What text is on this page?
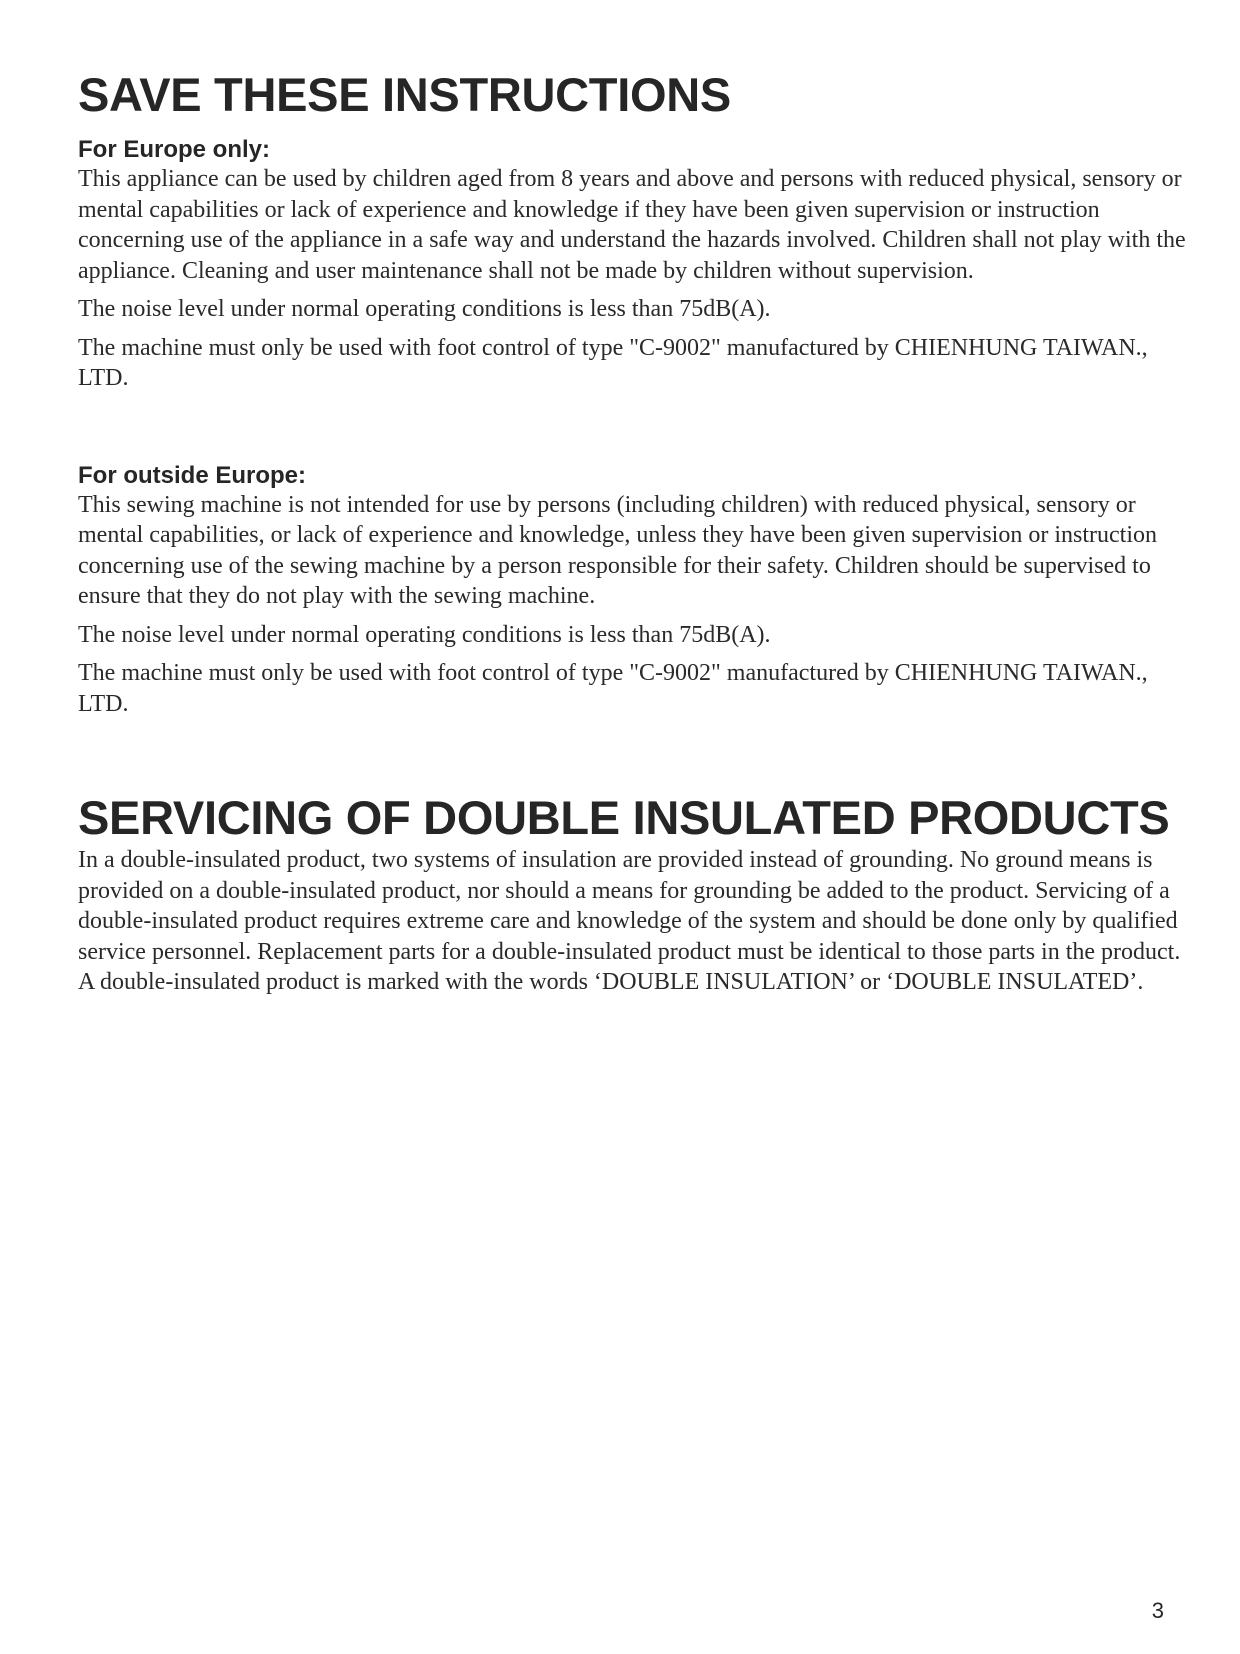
SAVE THESE INSTRUCTIONS
For Europe only:

This appliance can be used by children aged from 8 years and above and persons with reduced physical, sensory or mental capabilities or lack of experience and knowledge if they have been given supervision or instruction concerning use of the appliance in a safe way and understand the hazards involved. Children shall not play with the appliance. Cleaning and user maintenance shall not be made by children without supervision.

The noise level under normal operating conditions is less than 75dB(A).

The machine must only be used with foot control of type "C-9002" manufactured by CHIENHUNG TAIWAN., LTD.

For outside Europe:

This sewing machine is not intended for use by persons (including children) with reduced physical, sensory or mental capabilities, or lack of experience and knowledge, unless they have been given supervision or instruction concerning use of the sewing machine by a person responsible for their safety. Children should be supervised to ensure that they do not play with the sewing machine.

The noise level under normal operating conditions is less than 75dB(A).

The machine must only be used with foot control of type "C-9002" manufactured by CHIENHUNG TAIWAN., LTD.

SERVICING OF DOUBLE INSULATED PRODUCTS

In a double-insulated product, two systems of insulation are provided instead of grounding. No ground means is provided on a double-insulated product, nor should a means for grounding be added to the product. Servicing of a double-insulated product requires extreme care and knowledge of the system and should be done only by qualified service personnel. Replacement parts for a double-insulated product must be identical to those parts in the product. A double-insulated product is marked with the words ‘DOUBLE INSULATION’ or ‘DOUBLE INSULATED’.

3
